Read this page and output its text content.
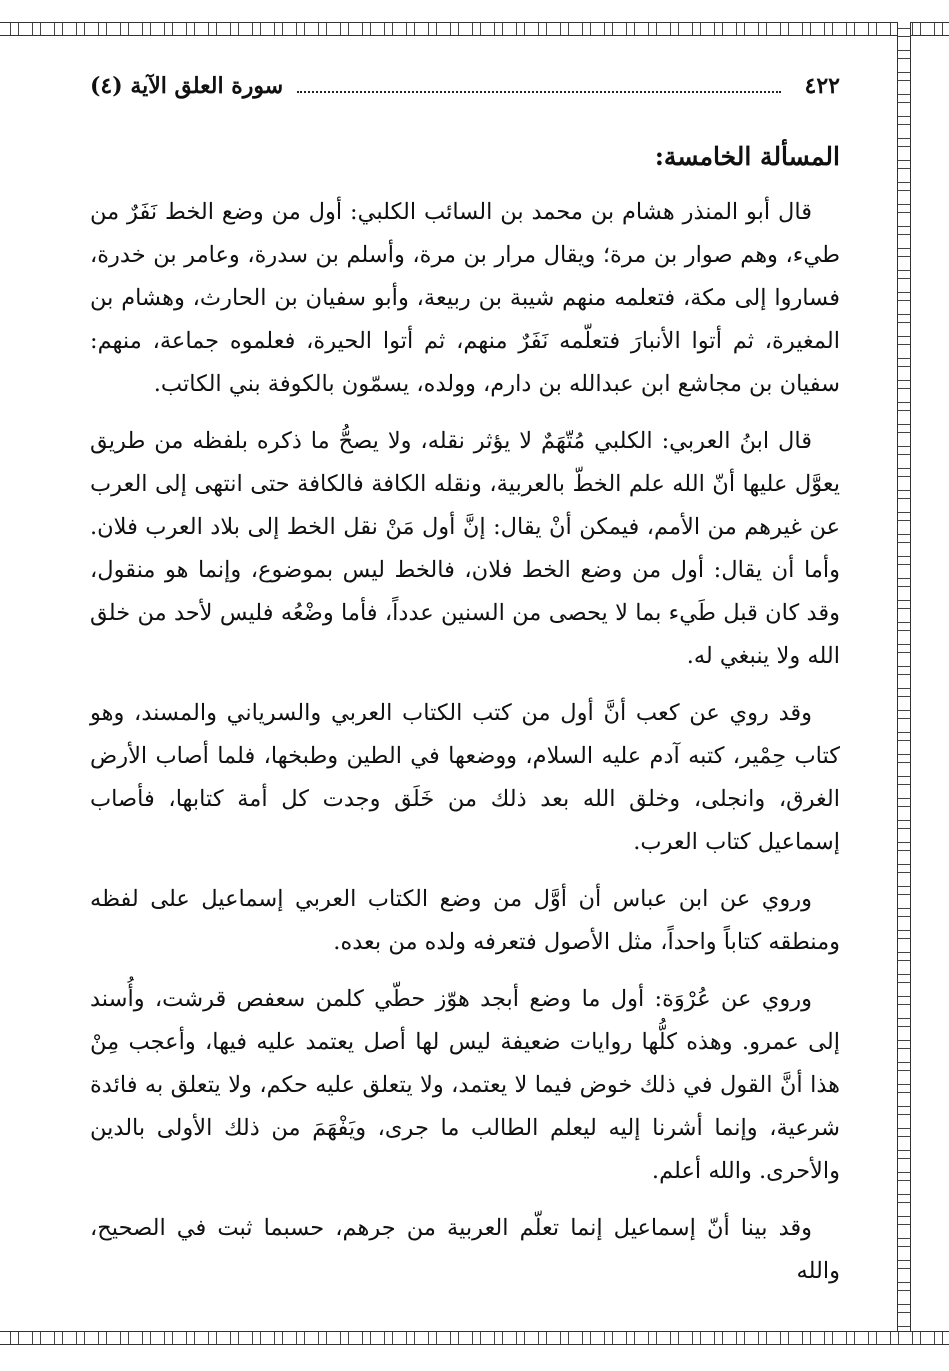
٤٢٢
سورة العلق الآية (٤)
المسألة الخامسة:

قال أبو المنذر هشام بن محمد بن السائب الكلبي: أول من وضع الخط نَفَرٌ من طيء، وهم صوار بن مرة؛ ويقال مرار بن مرة، وأسلم بن سدرة، وعامر بن خدرة، فساروا إلى مكة، فتعلمه منهم شيبة بن ربيعة، وأبو سفيان بن الحارث، وهشام بن المغيرة، ثم أتوا الأنبارَ فتعلّمه نَفَرٌ منهم، ثم أتوا الحيرة، فعلموه جماعة، منهم: سفيان بن مجاشع ابن عبدالله بن دارم، وولده، يسمّون بالكوفة بني الكاتب.

قال ابنُ العربي: الكلبي مُتّهَمٌ لا يؤثر نقله، ولا يصحُّ ما ذكره بلفظه من طريق يعوَّل عليها أنّ الله علم الخطّ بالعربية، ونقله الكافة فالكافة حتى انتهى إلى العرب عن غيرهم من الأمم، فيمكن أنْ يقال: إنَّ أول مَنْ نقل الخط إلى بلاد العرب فلان. وأما أن يقال: أول من وضع الخط فلان، فالخط ليس بموضوع، وإنما هو منقول، وقد كان قبل طَيء بما لا يحصى من السنين عدداً، فأما وضْعُه فليس لأحد من خلق الله ولا ينبغي له.

وقد روي عن كعب أنَّ أول من كتب الكتاب العربي والسرياني والمسند، وهو كتاب حِمْير، كتبه آدم عليه السلام، ووضعها في الطين وطبخها، فلما أصاب الأرض الغرق، وانجلى، وخلق الله بعد ذلك من خَلَق وجدت كل أمة كتابها، فأصاب إسماعيل كتاب العرب.

وروي عن ابن عباس أن أوَّل من وضع الكتاب العربي إسماعيل على لفظه ومنطقه كتاباً واحداً، مثل الأصول فتعرفه ولده من بعده.

وروي عن عُرْوَة: أول ما وضع أبجد هوّز حطّي كلمن سعفص قرشت، وأُسند إلى عمرو. وهذه كلُّها روايات ضعيفة ليس لها أصل يعتمد عليه فيها، وأعجب مِنْ هذا أنَّ القول في ذلك خوض فيما لا يعتمد، ولا يتعلق عليه حكم، ولا يتعلق به فائدة شرعية، وإنما أشرنا إليه ليعلم الطالب ما جرى، ويَفْهَمَ من ذلك الأولى بالدين والأحرى. والله أعلم.

وقد بينا أنّ إسماعيل إنما تعلّم العربية من جرهم، حسبما ثبت في الصحيح، والله
